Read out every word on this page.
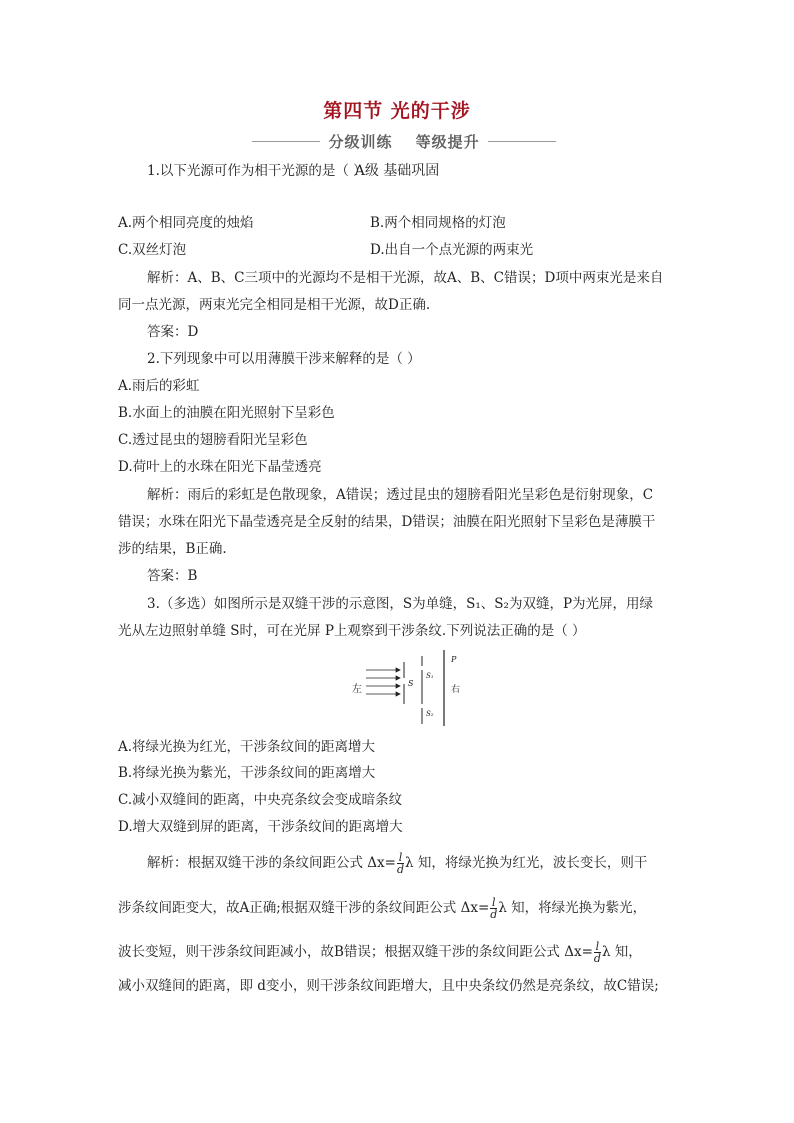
第四节 光的干涉
分级训练 等级提升
A级 基础巩固
1.以下光源可作为相干光源的是（ ）
A.两个相同亮度的烛焰	B.两个相同规格的灯泡
C.双丝灯泡	D.出自一个点光源的两束光
解析：A、B、C三项中的光源均不是相干光源，故A、B、C错误；D项中两束光是来自
同一点光源，两束光完全相同是相干光源，故D正确.
答案：D
2.下列现象中可以用薄膜干涉来解释的是（ ）
A.雨后的彩虹
B.水面上的油膜在阳光照射下呈彩色
C.透过昆虫的翅膀看阳光呈彩色
D.荷叶上的水珠在阳光下晶莹透亮
解析：雨后的彩虹是色散现象，A错误；透过昆虫的翅膀看阳光呈彩色是衍射现象，C
错误；水珠在阳光下晶莹透亮是全反射的结果，D错误；油膜在阳光照射下呈彩色是薄膜干
涉的结果，B正确.
答案：B
3.（多选）如图所示是双缝干涉的示意图，S为单缝，S₁、S₂为双缝，P为光屏，用绿
光从左边照射单缝 S时，可在光屏 P上观察到干涉条纹.下列说法正确的是（ ）
左
S
S₁
S₂
P
右
A.将绿光换为红光，干涉条纹间的距离增大
B.将绿光换为紫光，干涉条纹间的距离增大
C.减小双缝间的距离，中央亮条纹会变成暗条纹
D.增大双缝到屏的距离，干涉条纹间的距离增大
解析：根据双缝干涉的条纹间距公式 $\Delta x= \frac{l}{d}$ λ 知，将绿光换为红光，波长变长，则干
涉条纹间距变大，故A正确;根据双缝干涉的条纹间距公式 $\Delta x= \frac{l}{d}$ λ 知，将绿光换为紫光，
波长变短，则干涉条纹间距减小，故B错误；根据双缝干涉的条纹间距公式 $\Delta x= \frac{l}{d}$ λ 知，
减小双缝间的距离，即 d变小，则干涉条纹间距增大，且中央条纹仍然是亮条纹，故C错误;
